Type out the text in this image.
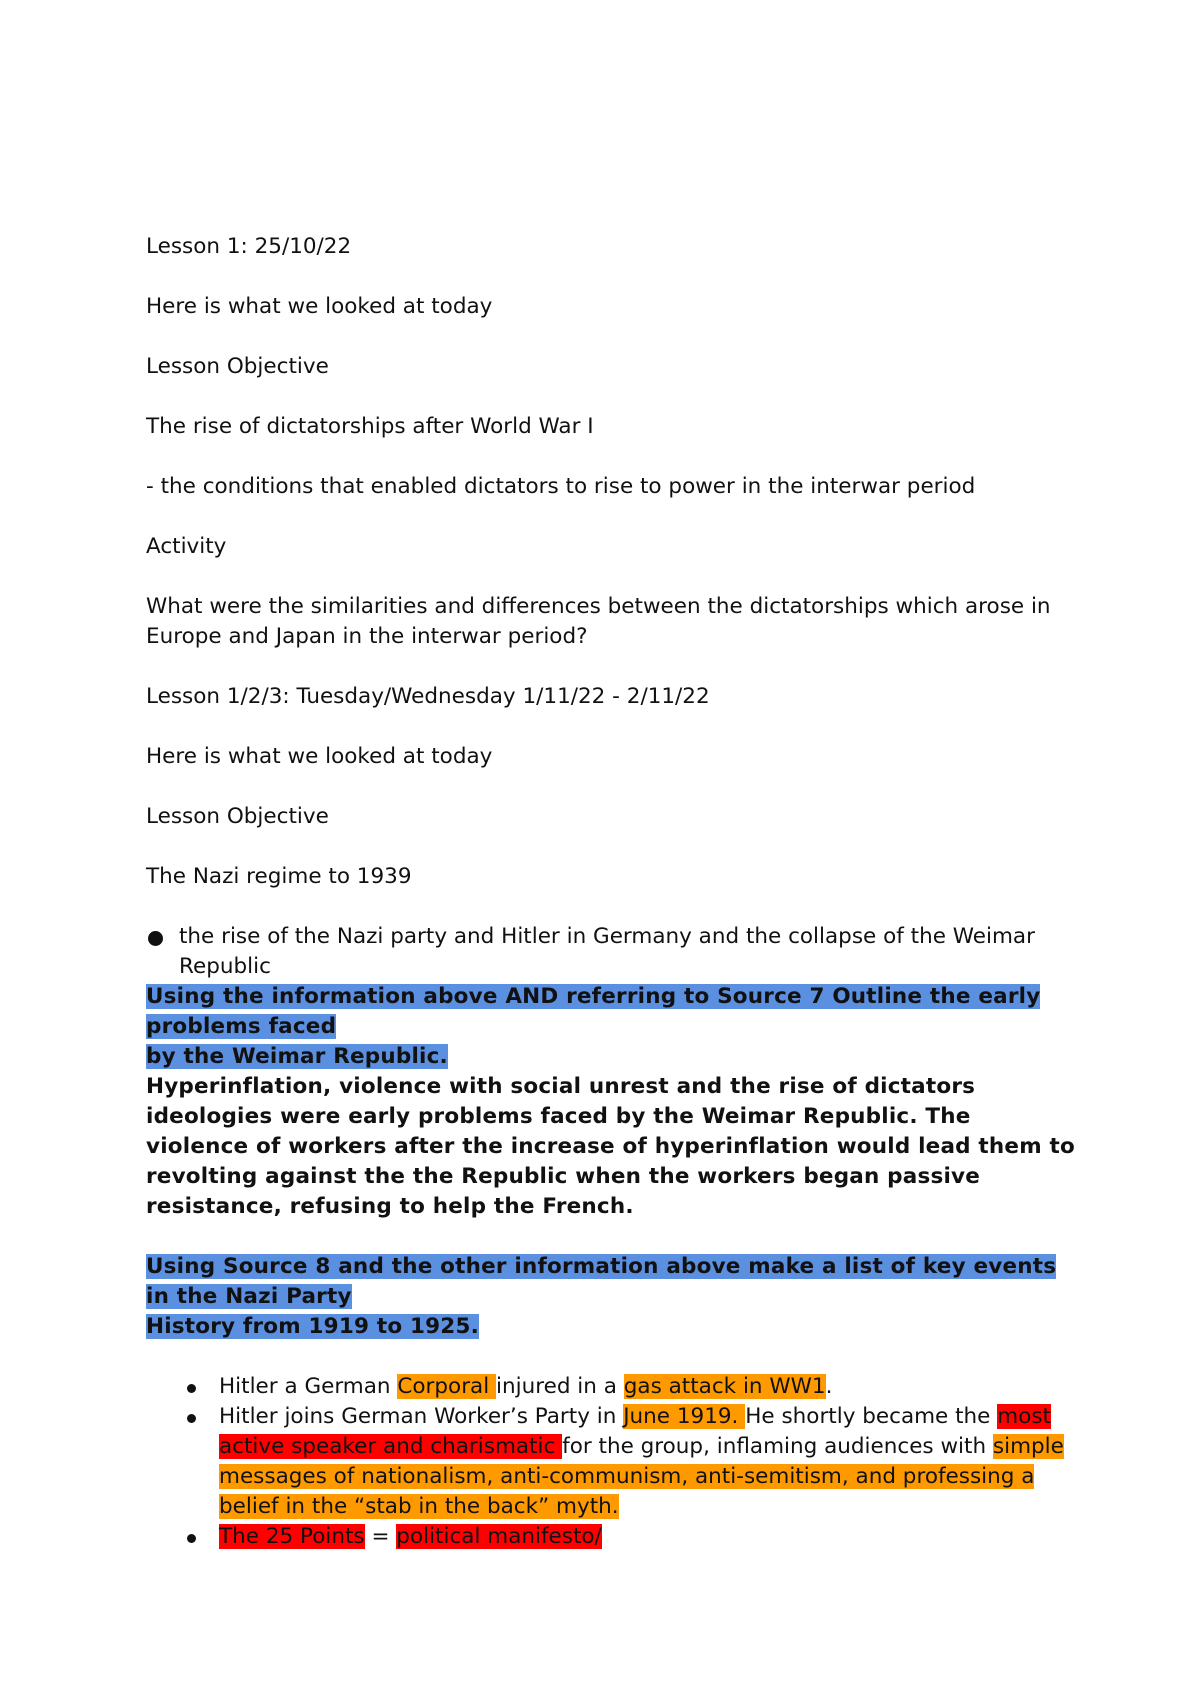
Lesson 1: 25/10/22

Here is what we looked at today

Lesson Objective

The rise of dictatorships after World War I

- the conditions that enabled dictators to rise to power in the interwar period

Activity

What were the similarities and differences between the dictatorships which arose in Europe and Japan in the interwar period?

Lesson 1/2/3: Tuesday/Wednesday 1/11/22 - 2/11/22

Here is what we looked at today

Lesson Objective

The Nazi regime to 1939

the rise of the Nazi party and Hitler in Germany and the collapse of the Weimar Republic

Using the information above AND referring to Source 7 Outline the early problems faced
by the Weimar Republic.

Hyperinflation, violence with social unrest and the rise of dictators ideologies were early problems faced by the Weimar Republic. The violence of workers after the increase of hyperinflation would lead them to revolting against the the Republic when the workers began passive resistance, refusing to help the French.

Using Source 8 and the other information above make a list of key events in the Nazi Party
History from 1919 to 1925.

Hitler a German Corporal injured in a gas attack in WW1.
Hitler joins German Worker’s Party in June 1919. He shortly became the most active speaker and charismatic for the group, inflaming audiences with simple messages of nationalism, anti-communism, anti-semitism, and professing a belief in the “stab in the back” myth.
The 25 Points = political manifesto/
